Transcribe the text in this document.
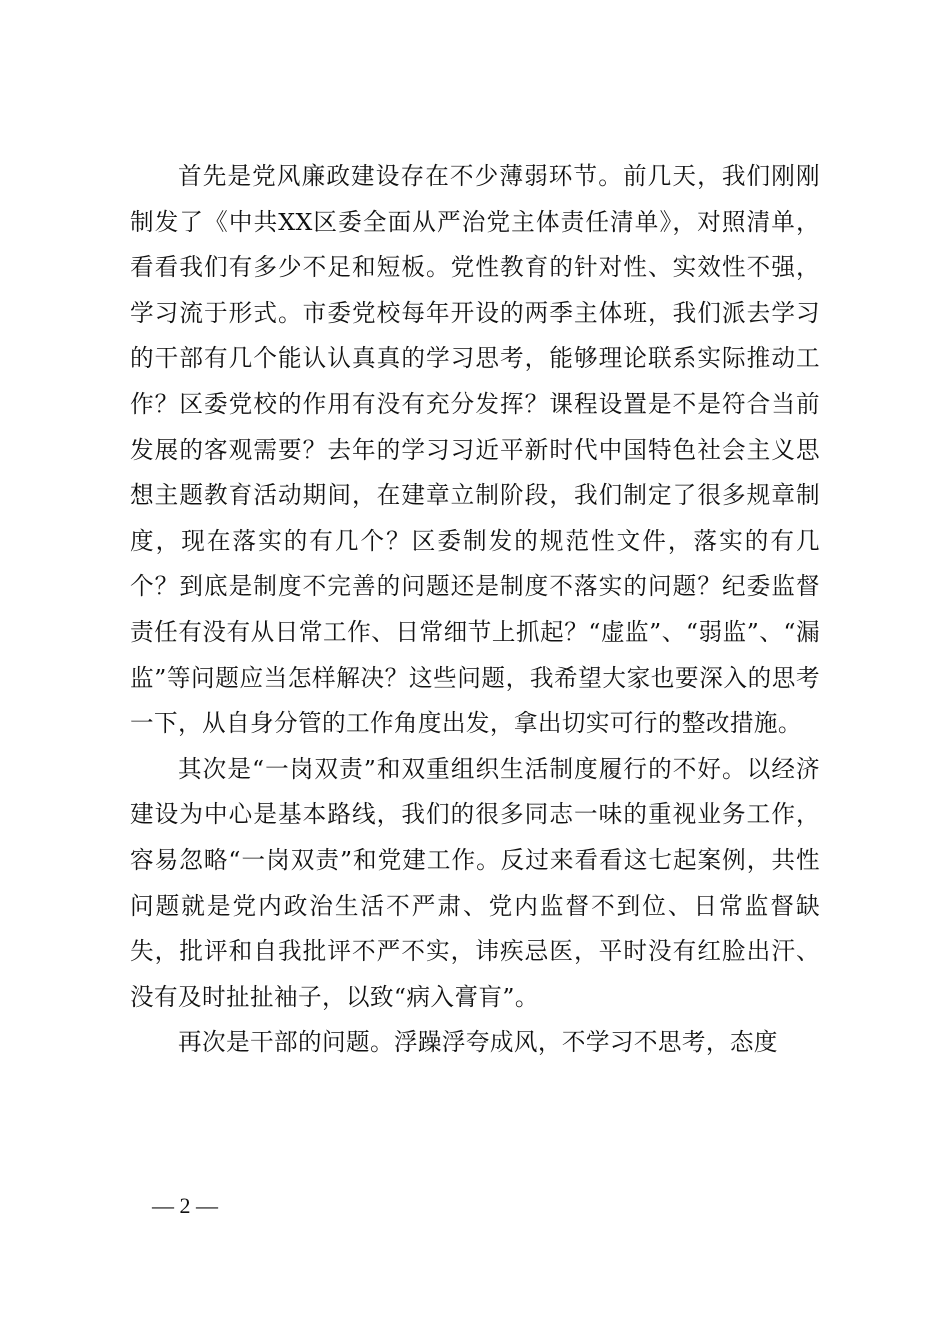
首先是党风廉政建设存在不少薄弱环节。前几天，我们刚刚制发了《中共XX区委全面从严治党主体责任清单》，对照清单，看看我们有多少不足和短板。党性教育的针对性、实效性不强，学习流于形式。市委党校每年开设的两季主体班，我们派去学习的干部有几个能认认真真的学习思考，能够理论联系实际推动工作？区委党校的作用有没有充分发挥？课程设置是不是符合当前发展的客观需要？去年的学习习近平新时代中国特色社会主义思想主题教育活动期间，在建章立制阶段，我们制定了很多规章制度，现在落实的有几个？区委制发的规范性文件，落实的有几个？到底是制度不完善的问题还是制度不落实的问题？纪委监督责任有没有从日常工作、日常细节上抓起？“虚监”、“弱监”、“漏监”等问题应当怎样解决？这些问题，我希望大家也要深入的思考一下，从自身分管的工作角度出发，拿出切实可行的整改措施。

其次是“一岗双责”和双重组织生活制度履行的不好。以经济建设为中心是基本路线，我们的很多同志一味的重视业务工作，容易忽略“一岗双责”和党建工作。反过来看看这七起案例，共性问题就是党内政治生活不严肃、党内监督不到位、日常监督缺失，批评和自我批评不严不实，讳疾忌医，平时没有红脸出汗、没有及时扯扯袖子，以致“病入膏肓”。

再次是干部的问题。浮躁浮夸成风，不学习不思考，态度

— 2 —
